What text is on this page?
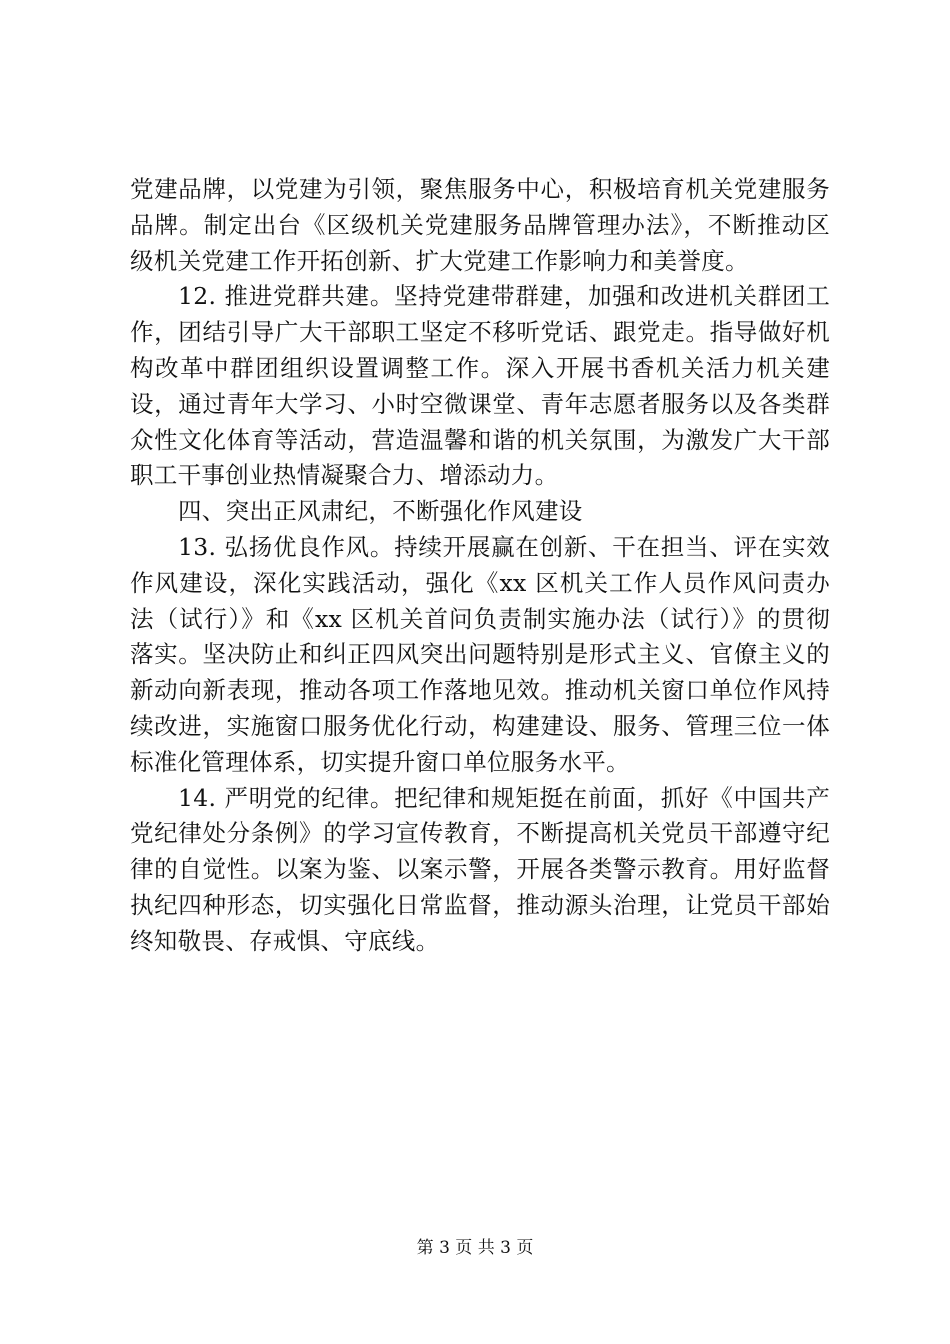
党建品牌，以党建为引领，聚焦服务中心，积极培育机关党建服务品牌。制定出台《区级机关党建服务品牌管理办法》，不断推动区级机关党建工作开拓创新、扩大党建工作影响力和美誉度。

12. 推进党群共建。坚持党建带群建，加强和改进机关群团工作，团结引导广大干部职工坚定不移听党话、跟党走。指导做好机构改革中群团组织设置调整工作。深入开展书香机关活力机关建设，通过青年大学习、小时空微课堂、青年志愿者服务以及各类群众性文化体育等活动，营造温馨和谐的机关氛围，为激发广大干部职工干事创业热情凝聚合力、增添动力。

四、突出正风肃纪，不断强化作风建设

13. 弘扬优良作风。持续开展赢在创新、干在担当、评在实效作风建设，深化实践活动，强化《xx 区机关工作人员作风问责办法（试行）》和《xx 区机关首问负责制实施办法（试行）》的贯彻落实。坚决防止和纠正四风突出问题特别是形式主义、官僚主义的新动向新表现，推动各项工作落地见效。推动机关窗口单位作风持续改进，实施窗口服务优化行动，构建建设、服务、管理三位一体标准化管理体系，切实提升窗口单位服务水平。

14. 严明党的纪律。把纪律和规矩挺在前面，抓好《中国共产党纪律处分条例》的学习宣传教育，不断提高机关党员干部遵守纪律的自觉性。以案为鉴、以案示警，开展各类警示教育。用好监督执纪四种形态，切实强化日常监督，推动源头治理，让党员干部始终知敬畏、存戒惧、守底线。

第 3 页 共 3 页
